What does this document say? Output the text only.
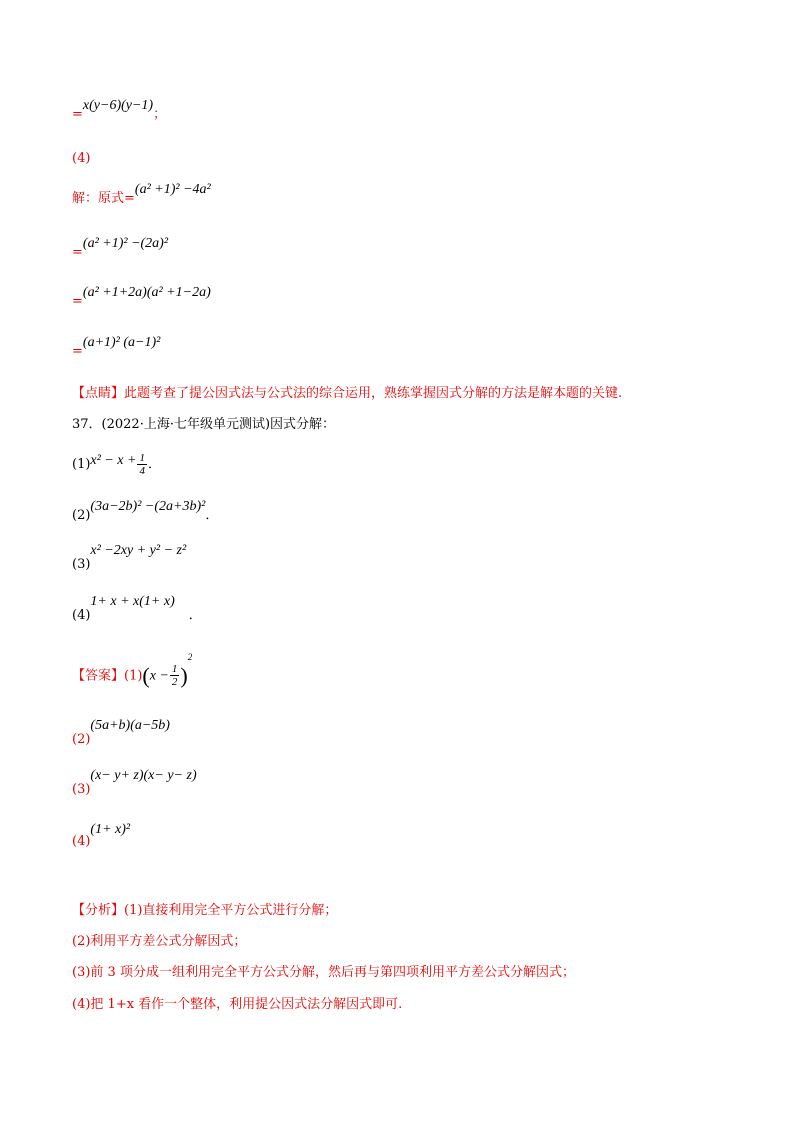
=x(y−6)(y−1)；
(4)
解：原式=(a² +1)² −4a²
=(a² +1)² −(2a)²
=(a² +1+2a)(a² +1−2a)
=(a+1)² (a−1)²
【点睛】此题考查了提公因式法与公式法的综合运用，熟练掌握因式分解的方法是解本题的关键.
37．(2022·上海·七年级单元测试)因式分解：
$(1)x^2 - x + \frac{1}{4}$ ．
(2)(3a−2b)² −(2a+3b)²．
(3)x² −2xy + y² − z²
(4)1+ x + x(1+ x)．
【答案】$(1)(x - \frac{1}{2} )^2$
(2)(5a+b)(a−5b)
(3)(x− y+ z)(x− y− z)
(4)(1+ x)²
【分析】(1)直接利用完全平方公式进行分解；
(2)利用平方差公式分解因式；
(3)前 3 项分成一组利用完全平方公式分解，然后再与第四项利用平方差公式分解因式；
(4)把 1+x 看作一个整体，利用提公因式法分解因式即可.
